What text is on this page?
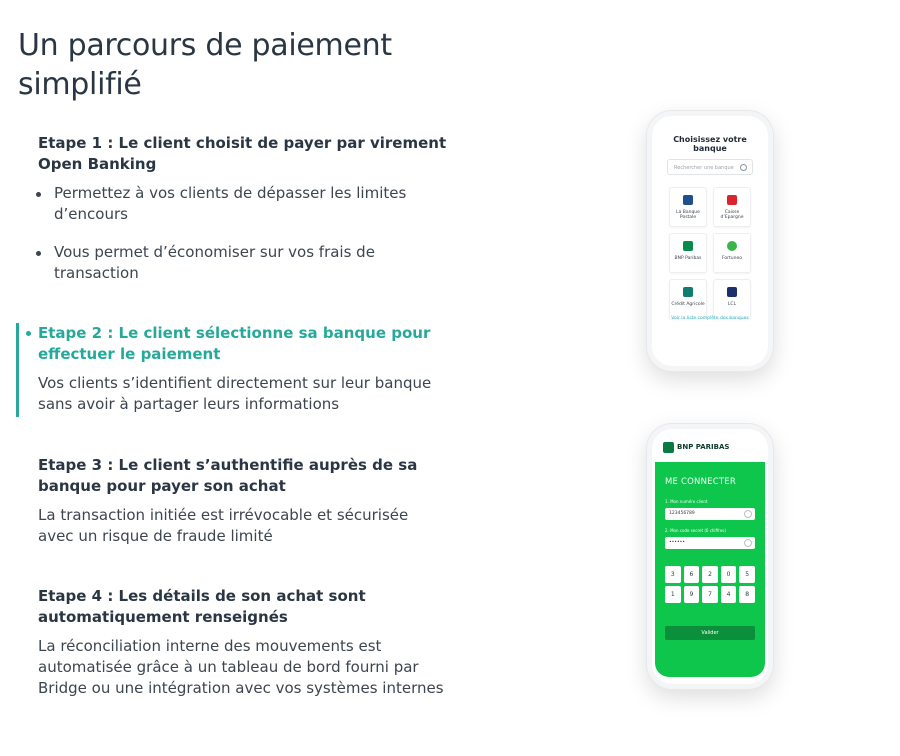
Un parcours de paiement simplifié
Etape 1 : Le client choisit de payer par virement Open Banking
Permettez à vos clients de dépasser les limites d’encours
Vous permet d’économiser sur vos frais de transaction
Etape 2 : Le client sélectionne sa banque pour effectuer le paiement
Vos clients s’identifient directement sur leur banque sans avoir à partager leurs informations
Etape 3 : Le client s’authentifie auprès de sa banque pour payer son achat
La transaction initiée est irrévocable et sécurisée avec un risque de fraude limité
Etape 4 : Les détails de son achat sont automatiquement renseignés
La réconciliation interne des mouvements est automatisée grâce à un tableau de bord fourni par Bridge ou une intégration avec vos systèmes internes
Choisissez votre banque
Rechercher une banque
La Banque Postale
Caisse d’Epargne
BNP Paribas	Fortuneo
Crédit Agricole	LCL
Voir la liste complète des banques
BNP PARIBAS
ME CONNECTER
1. Mon numéro client
123456789
2. Mon code secret (6 chiffres)
••••••
3	6	2	0	5
1	9	7	4	8
Valider
